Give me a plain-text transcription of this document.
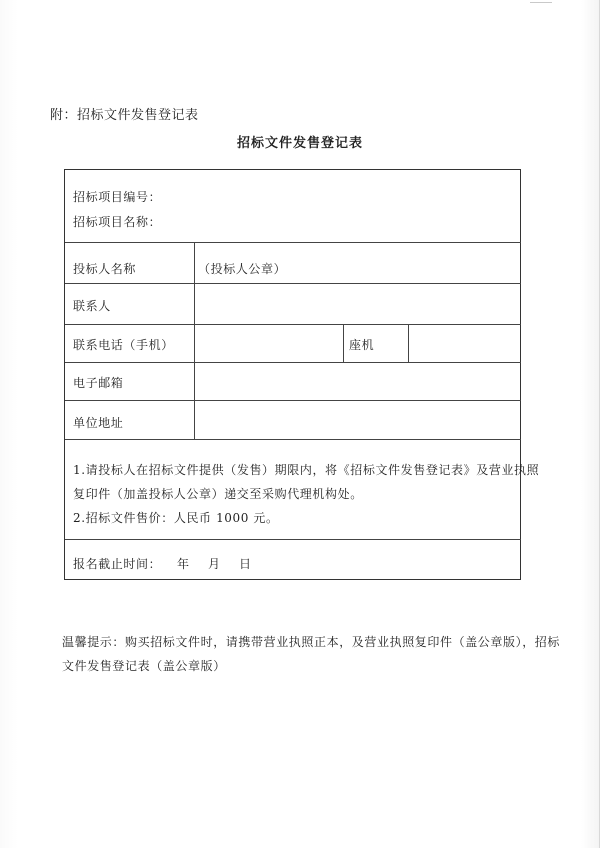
附：招标文件发售登记表
招标文件发售登记表
招标项目编号：
招标项目名称：
投标人名称	（投标人公章）
联系人
联系电话（手机）	座机
电子邮箱
单位地址
1.请投标人在招标文件提供（发售）期限内，将《招标文件发售登记表》及营业执照
复印件（加盖投标人公章）递交至采购代理机构处。
2.招标文件售价：人民币 1000 元。
报名截止时间： 年 月 日
温馨提示：购买招标文件时，请携带营业执照正本，及营业执照复印件（盖公章版），招标
文件发售登记表（盖公章版）
